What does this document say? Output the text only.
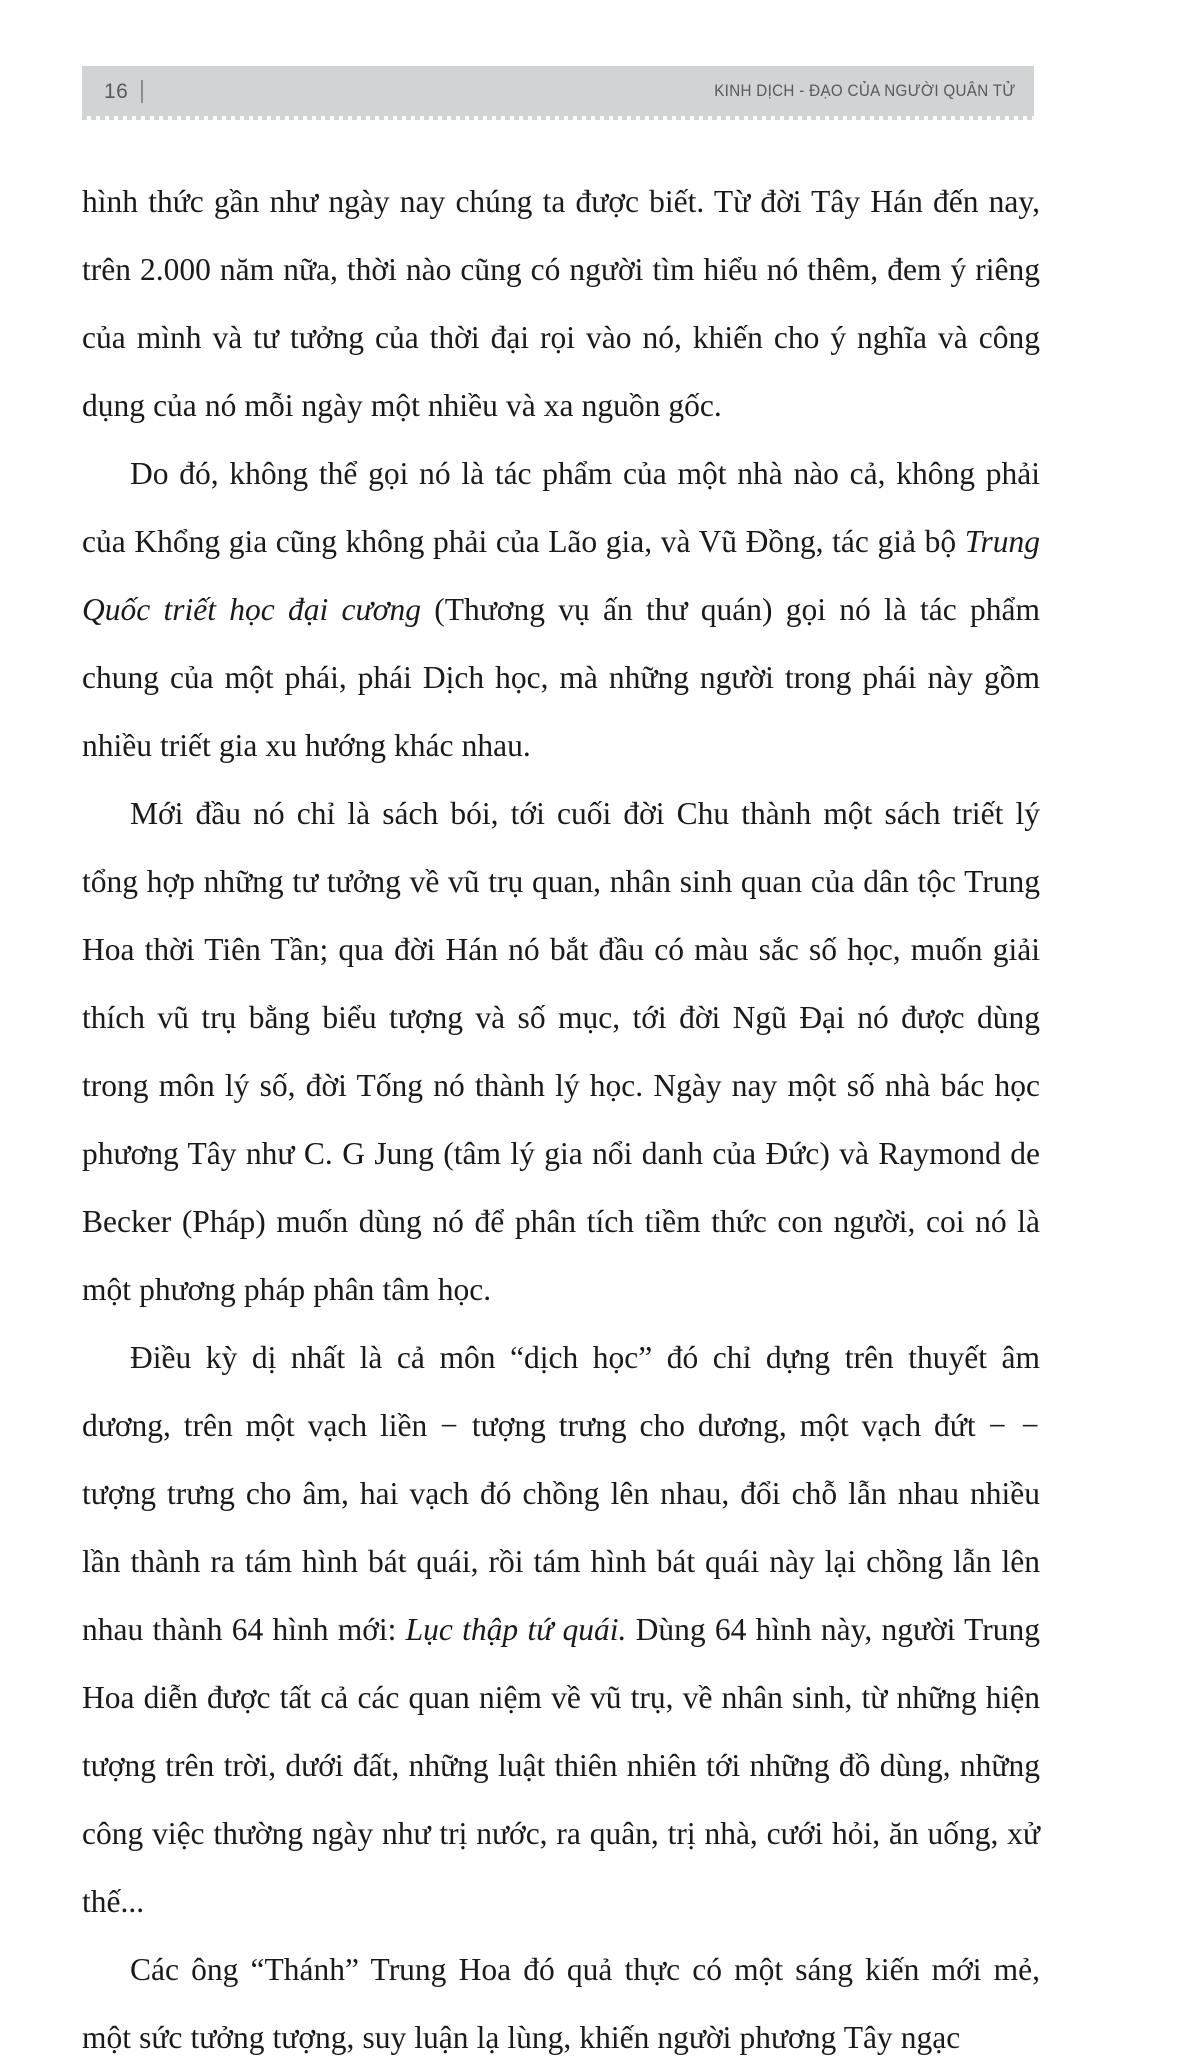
16	KINH DỊCH - ĐẠO CỦA NGƯỜI QUÂN TỬ

hình thức gần như ngày nay chúng ta được biết. Từ đời Tây Hán đến nay, trên 2.000 năm nữa, thời nào cũng có người tìm hiểu nó thêm, đem ý riêng của mình và tư tưởng của thời đại rọi vào nó, khiến cho ý nghĩa và công dụng của nó mỗi ngày một nhiều và xa nguồn gốc.

Do đó, không thể gọi nó là tác phẩm của một nhà nào cả, không phải của Khổng gia cũng không phải của Lão gia, và Vũ Đồng, tác giả bộ Trung Quốc triết học đại cương (Thương vụ ấn thư quán) gọi nó là tác phẩm chung của một phái, phái Dịch học, mà những người trong phái này gồm nhiều triết gia xu hướng khác nhau.

Mới đầu nó chỉ là sách bói, tới cuối đời Chu thành một sách triết lý tổng hợp những tư tưởng về vũ trụ quan, nhân sinh quan của dân tộc Trung Hoa thời Tiên Tần; qua đời Hán nó bắt đầu có màu sắc số học, muốn giải thích vũ trụ bằng biểu tượng và số mục, tới đời Ngũ Đại nó được dùng trong môn lý số, đời Tống nó thành lý học. Ngày nay một số nhà bác học phương Tây như C. G Jung (tâm lý gia nổi danh của Đức) và Raymond de Becker (Pháp) muốn dùng nó để phân tích tiềm thức con người, coi nó là một phương pháp phân tâm học.

Điều kỳ dị nhất là cả môn “dịch học” đó chỉ dựng trên thuyết âm dương, trên một vạch liền − tượng trưng cho dương, một vạch đứt − − tượng trưng cho âm, hai vạch đó chồng lên nhau, đổi chỗ lẫn nhau nhiều lần thành ra tám hình bát quái, rồi tám hình bát quái này lại chồng lẫn lên nhau thành 64 hình mới: Lục thập tứ quái. Dùng 64 hình này, người Trung Hoa diễn được tất cả các quan niệm về vũ trụ, về nhân sinh, từ những hiện tượng trên trời, dưới đất, những luật thiên nhiên tới những đồ dùng, những công việc thường ngày như trị nước, ra quân, trị nhà, cưới hỏi, ăn uống, xử thế...

Các ông “Thánh” Trung Hoa đó quả thực có một sáng kiến mới mẻ, một sức tưởng tượng, suy luận lạ lùng, khiến người phương Tây ngạc
